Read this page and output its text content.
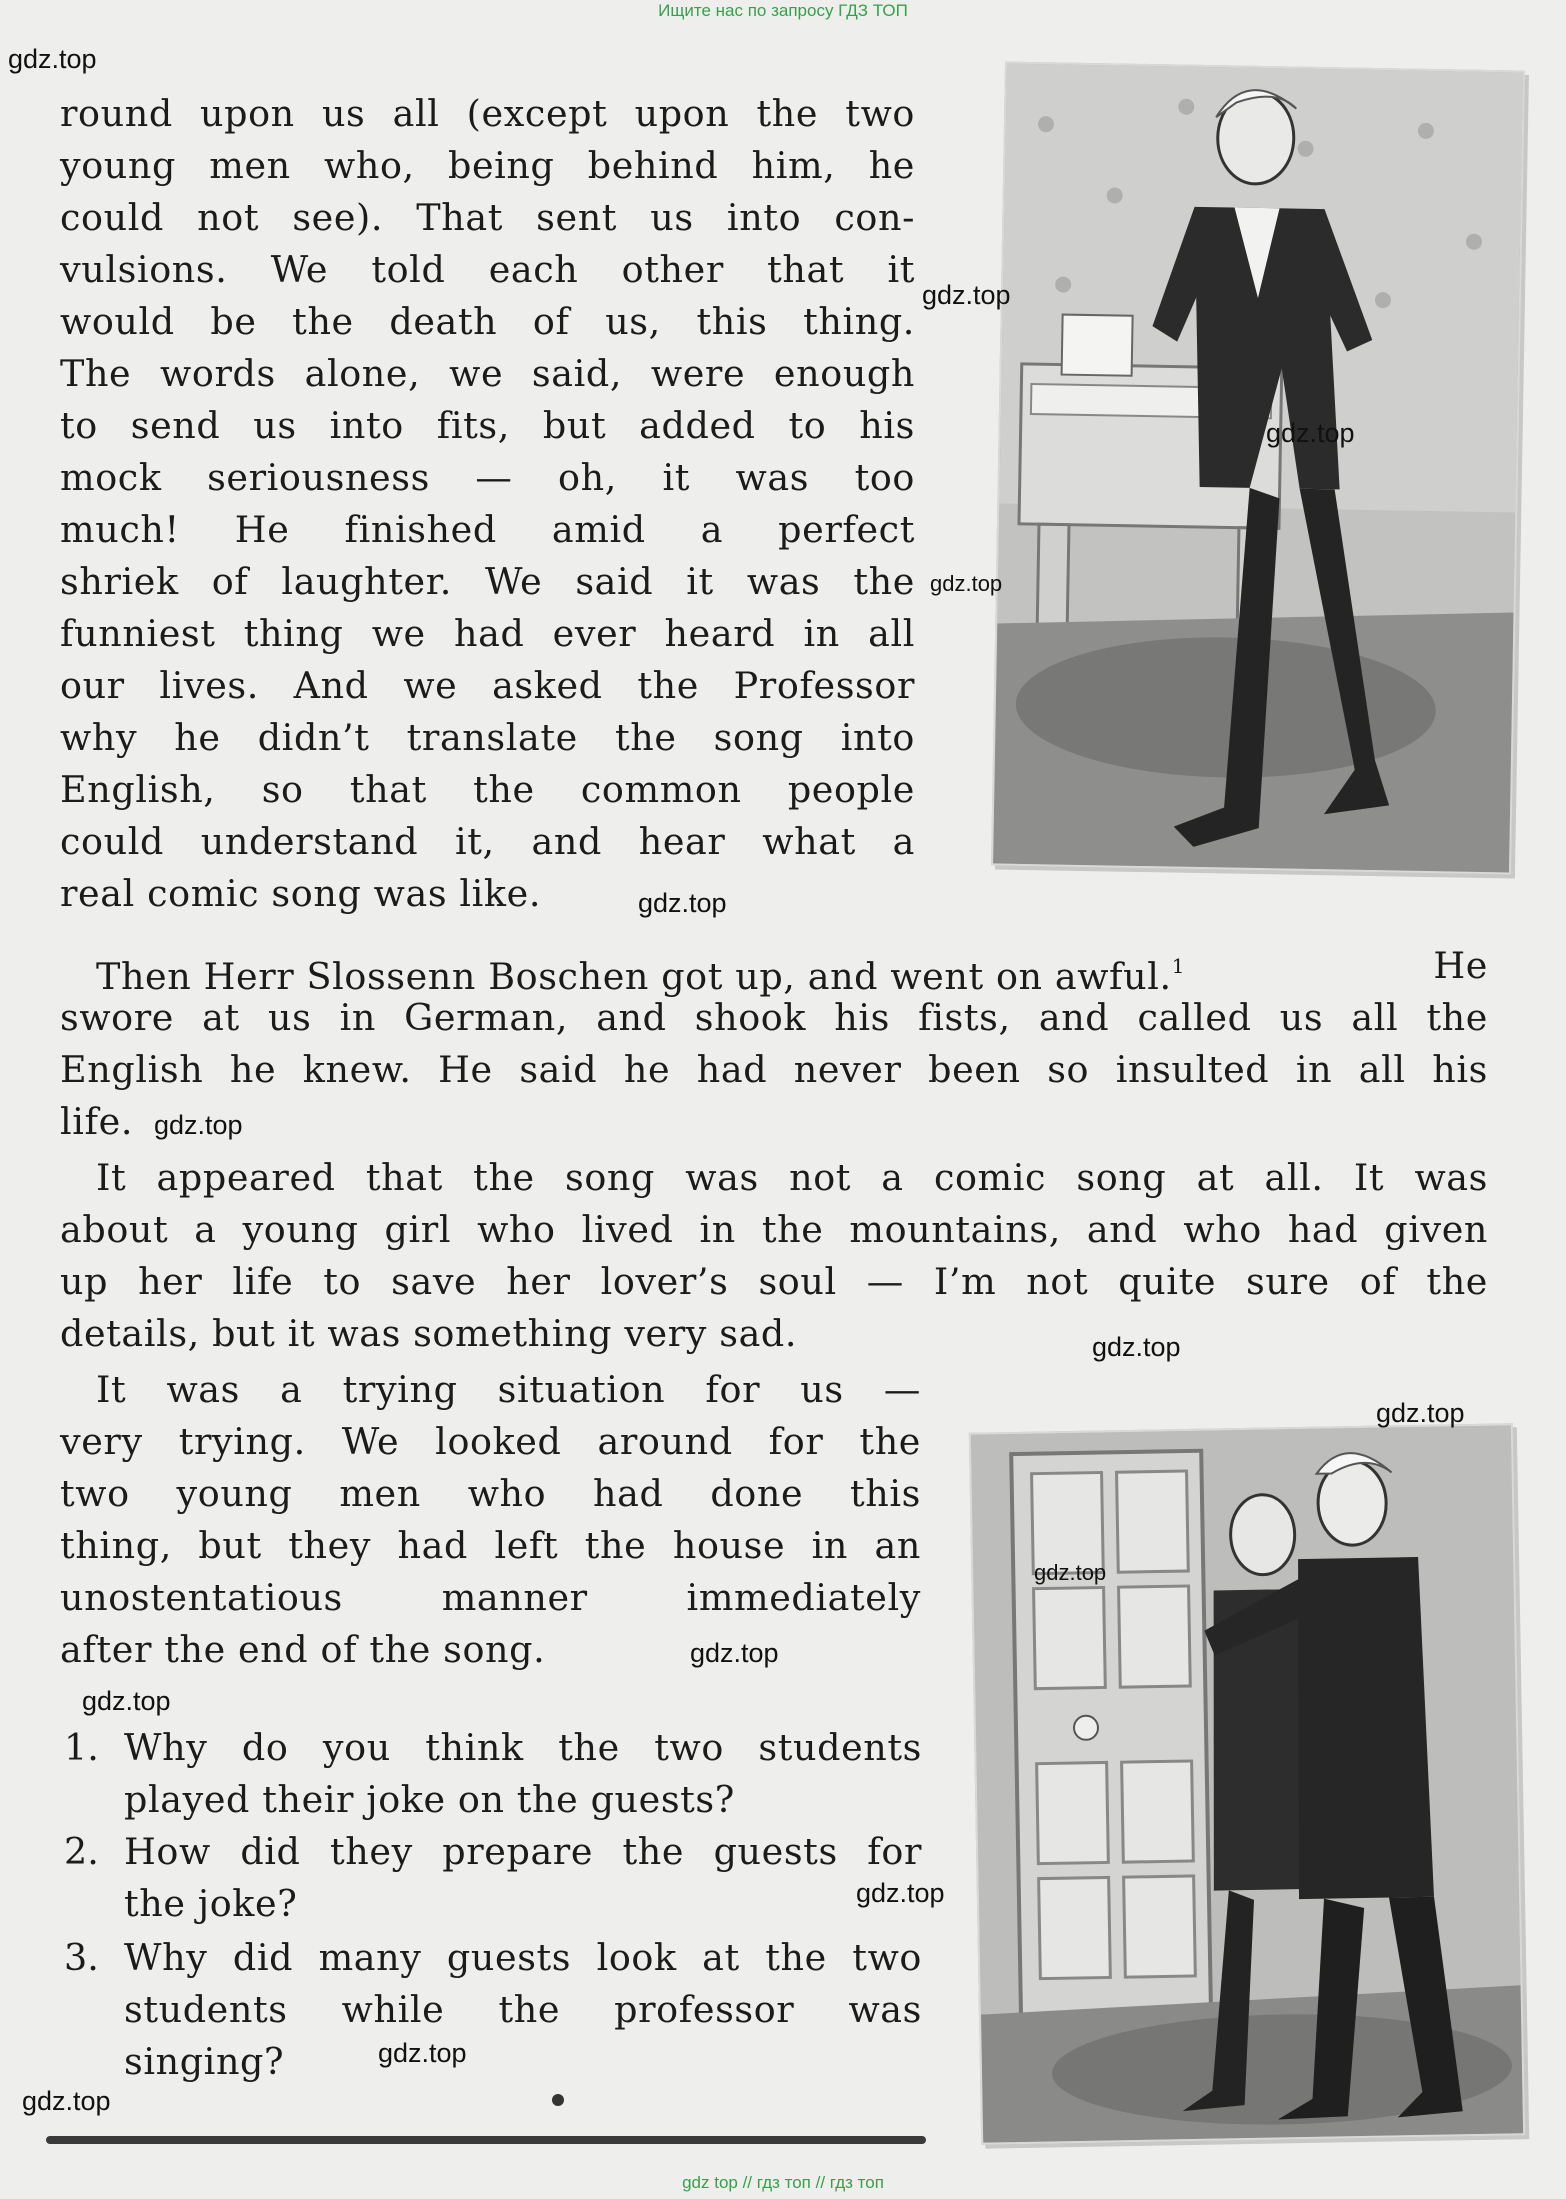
Ищите нас по запросу ГДЗ ТОП
round upon us all (except upon the two
young men who, being behind him, he
could not see). That sent us into con-
vulsions. We told each other that it
would be the death of us, this thing.
The words alone, we said, were enough
to send us into fits, but added to his
mock seriousness — oh, it was too
much! He finished amid a perfect
shriek of laughter. We said it was the
funniest thing we had ever heard in all
our lives. And we asked the Professor
why he didn’t translate the song into
English, so that the common people
could understand it, and hear what a
real comic song was like.
Then Herr Slossenn Boschen got up, and went on awful.$^1$	He
swore at us in German, and shook his fists, and called us all the
English he knew. He said he had never been so insulted in all his
life.
It appeared that the song was not a comic song at all. It was
about a young girl who lived in the mountains, and who had given
up her life to save her lover’s soul — I’m not quite sure of the
details, but it was something very sad.
It was a trying situation for us —
very trying. We looked around for the
two young men who had done this
thing, but they had left the house in an
unostentatious manner immediately
after the end of the song.
1. Why do you think the two students
played their joke on the guests?
2. How did they prepare the guests for
the joke?
3. Why did many guests look at the two
students while the professor was
singing?
gdz.top
gdz.top
gdz.top
gdz.top
gdz.top
gdz.top
gdz.top
gdz.top
gdz.top
gdz.top
gdz.top
gdz.top
gdz.top
gdz.top
gdz top // гдз топ // гдз топ
